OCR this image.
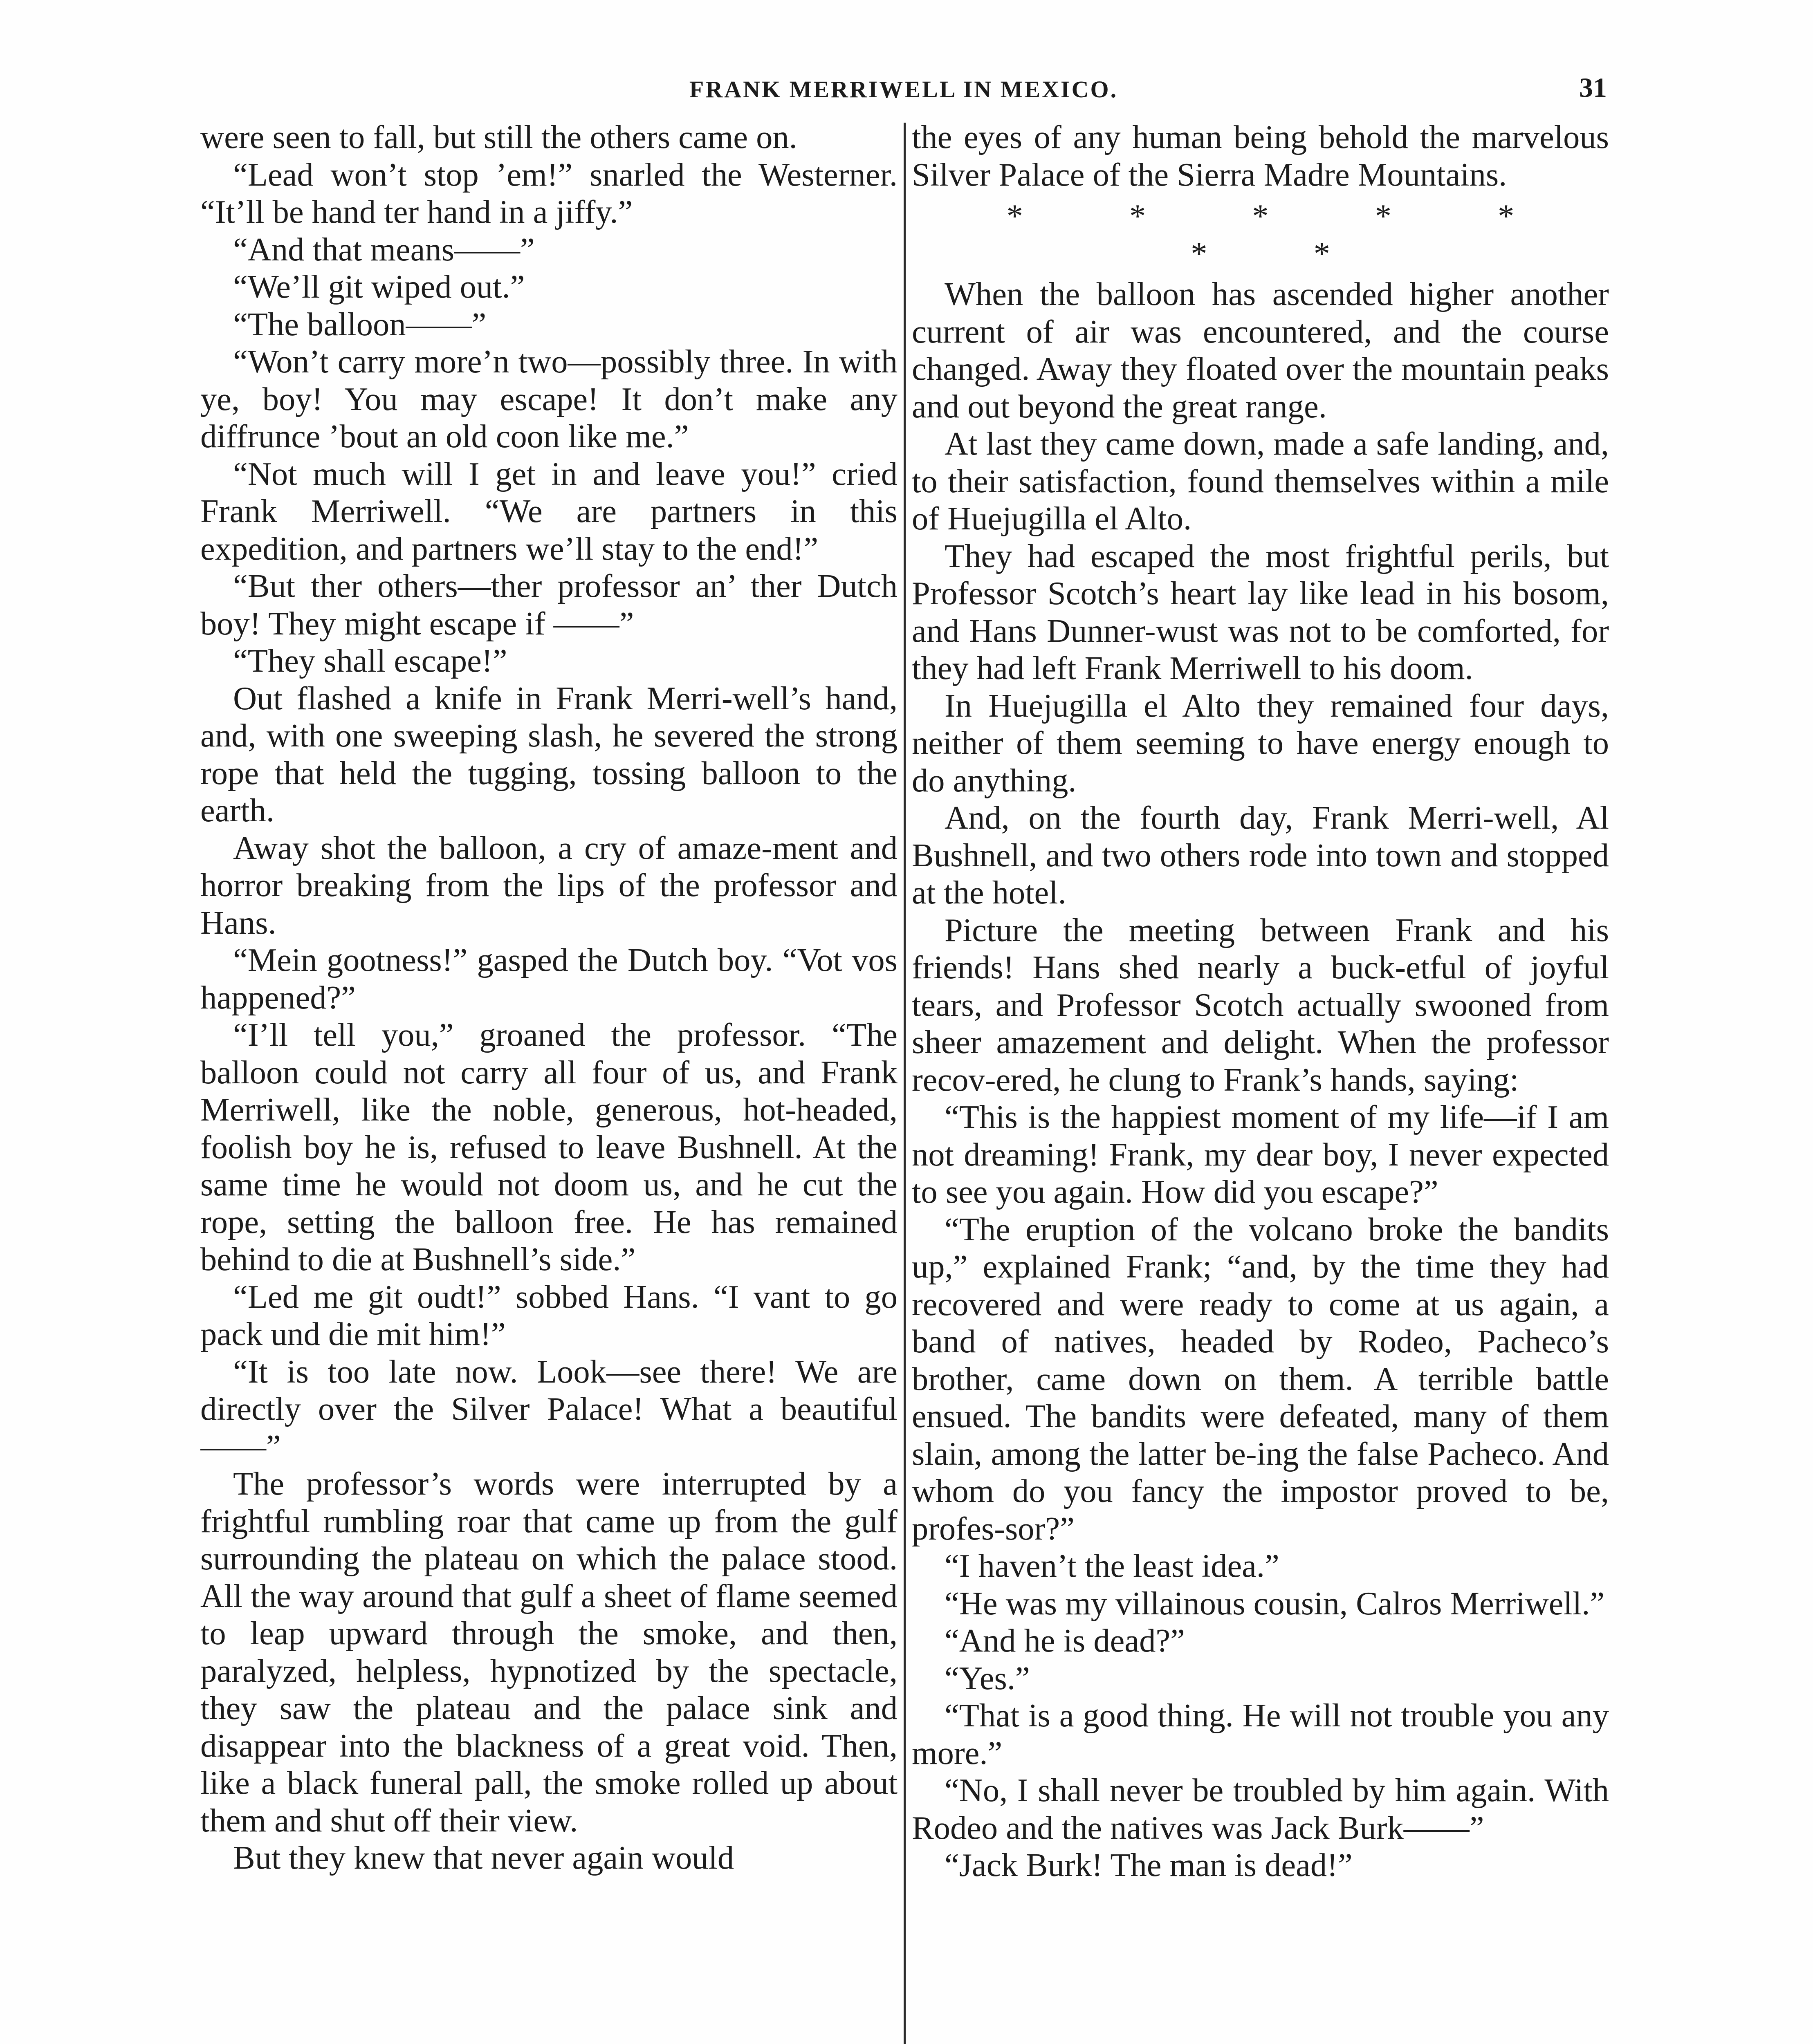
FRANK MERRIWELL IN MEXICO.	31

were seen to fall, but still the others came on.

“Lead won’t stop ’em!” snarled the Westerner. “It’ll be hand ter hand in a jiffy.”

“And that means——”

“We’ll git wiped out.”

“The balloon——”

“Won’t carry more’n two—possibly three. In with ye, boy! You may escape! It don’t make any diffrunce ’bout an old coon like me.”

“Not much will I get in and leave you!” cried Frank Merriwell. “We are partners in this expedition, and partners we’ll stay to the end!”

“But ther others—ther professor an’ ther Dutch boy! They might escape if ——”

“They shall escape!”

Out flashed a knife in Frank Merri-well’s hand, and, with one sweeping slash, he severed the strong rope that held the tugging, tossing balloon to the earth.

Away shot the balloon, a cry of amaze-ment and horror breaking from the lips of the professor and Hans.

“Mein gootness!” gasped the Dutch boy. “Vot vos happened?”

“I’ll tell you,” groaned the professor. “The balloon could not carry all four of us, and Frank Merriwell, like the noble, generous, hot-headed, foolish boy he is, refused to leave Bushnell. At the same time he would not doom us, and he cut the rope, setting the balloon free. He has remained behind to die at Bushnell’s side.”

“Led me git oudt!” sobbed Hans. “I vant to go pack und die mit him!”

“It is too late now. Look—see there! We are directly over the Silver Palace! What a beautiful——”

The professor’s words were interrupted by a frightful rumbling roar that came up from the gulf surrounding the plateau on which the palace stood. All the way around that gulf a sheet of flame seemed to leap upward through the smoke, and then, paralyzed, helpless, hypnotized by the spectacle, they saw the plateau and the palace sink and disappear into the blackness of a great void. Then, like a black funeral pall, the smoke rolled up about them and shut off their view.

But they knew that never again would

the eyes of any human being behold the marvelous Silver Palace of the Sierra Madre Mountains.

* * * * * * *

When the balloon has ascended higher another current of air was encountered, and the course changed. Away they floated over the mountain peaks and out beyond the great range.

At last they came down, made a safe landing, and, to their satisfaction, found themselves within a mile of Huejugilla el Alto.

They had escaped the most frightful perils, but Professor Scotch’s heart lay like lead in his bosom, and Hans Dunner-wust was not to be comforted, for they had left Frank Merriwell to his doom.

In Huejugilla el Alto they remained four days, neither of them seeming to have energy enough to do anything.

And, on the fourth day, Frank Merri-well, Al Bushnell, and two others rode into town and stopped at the hotel.

Picture the meeting between Frank and his friends! Hans shed nearly a buck-etful of joyful tears, and Professor Scotch actually swooned from sheer amazement and delight. When the professor recov-ered, he clung to Frank’s hands, saying:

“This is the happiest moment of my life—if I am not dreaming! Frank, my dear boy, I never expected to see you again. How did you escape?”

“The eruption of the volcano broke the bandits up,” explained Frank; “and, by the time they had recovered and were ready to come at us again, a band of natives, headed by Rodeo, Pacheco’s brother, came down on them. A terrible battle ensued. The bandits were defeated, many of them slain, among the latter be-ing the false Pacheco. And whom do you fancy the impostor proved to be, profes-sor?”

“I haven’t the least idea.”

“He was my villainous cousin, Calros Merriwell.”

“And he is dead?”

“Yes.”

“That is a good thing. He will not trouble you any more.”

“No, I shall never be troubled by him again. With Rodeo and the natives was Jack Burk——”

“Jack Burk! The man is dead!”
